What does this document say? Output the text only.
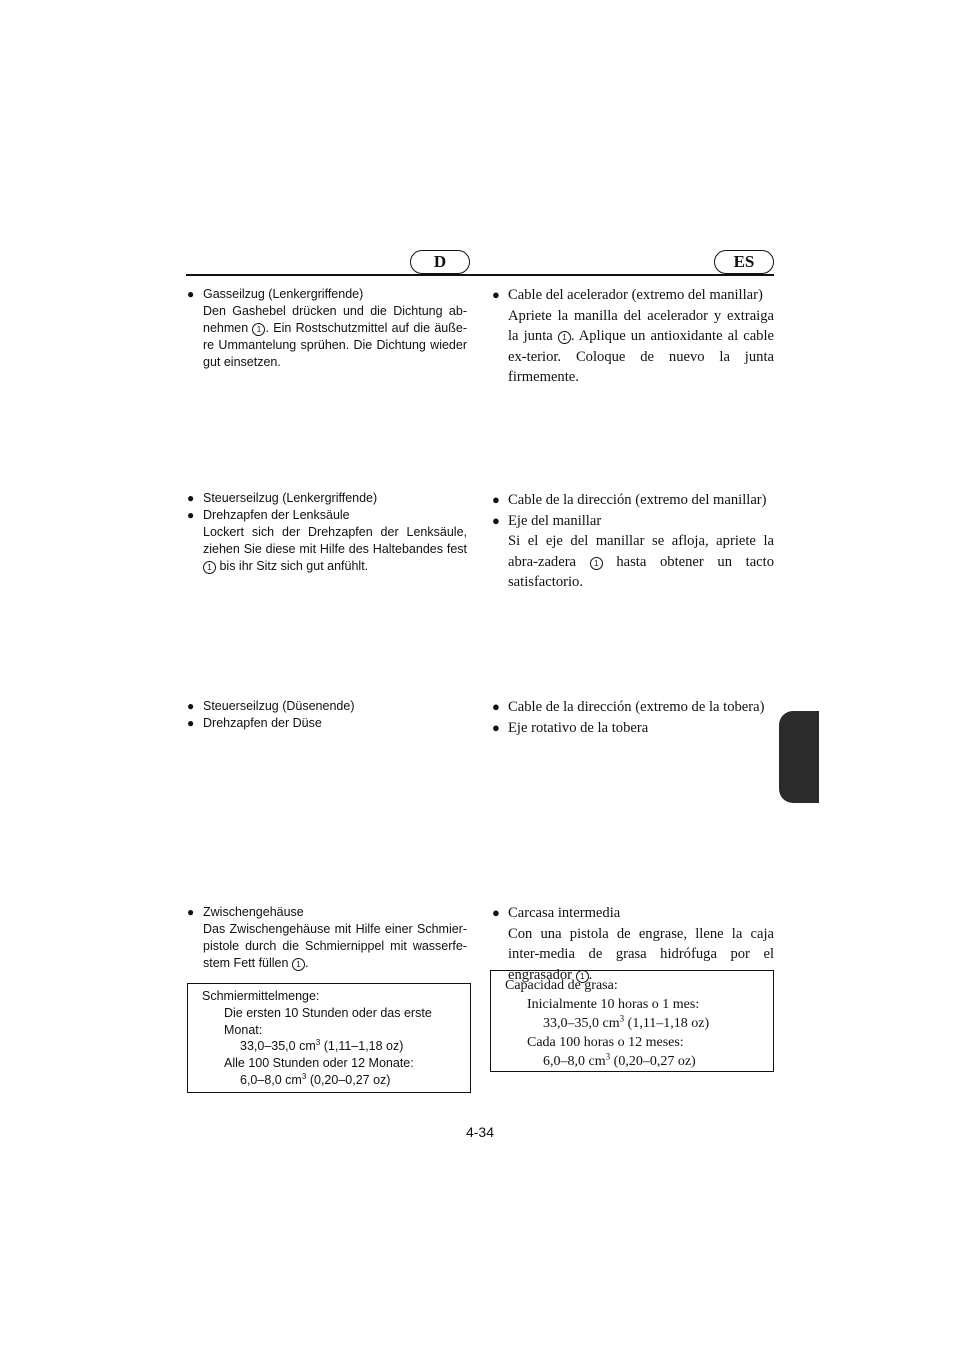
D	ES
● Gasseilzug (Lenkergriffende)
Den Gashebel drücken und die Dichtung ab-nehmen 1 . Ein Rostschutzmittel auf die äuße-re Ummantelung sprühen. Die Dichtung wieder gut einsetzen.
● Cable del acelerador (extremo del manillar)
Apriete la manilla del acelerador y extraiga la junta 1 . Aplique un antioxidante al cable ex-terior. Coloque de nuevo la junta firmemente.
● Steuerseilzug (Lenkergriffende)
● Drehzapfen der Lenksäule
Lockert sich der Drehzapfen der Lenksäule, ziehen Sie diese mit Hilfe des Haltebandes fest 1 bis ihr Sitz sich gut anfühlt.
● Cable de la dirección (extremo del manillar)
● Eje del manillar
Si el eje del manillar se afloja, apriete la abra-zadera 1 hasta obtener un tacto satisfactorio.
● Steuerseilzug (Düsenende)
● Drehzapfen der Düse
● Cable de la dirección (extremo de la tobera)
● Eje rotativo de la tobera
● Zwischengehäuse
Das Zwischengehäuse mit Hilfe einer Schmier-pistole durch die Schmiernippel mit wasserfe-stem Fett füllen 1 .
● Carcasa intermedia
Con una pistola de engrase, llene la caja inter-media de grasa hidrófuga por el engrasador 1 .
Schmiermittelmenge:
Die ersten 10 Stunden oder das erste Monat:
33,0–35,0 $cm^3$ (1,11–1,18 oz)
Alle 100 Stunden oder 12 Monate:
6,0–8,0 $cm^3$ (0,20–0,27 oz)
Capacidad de grasa:
Inicialmente 10 horas o 1 mes:
33,0–35,0 $cm^3$ (1,11–1,18 oz)
Cada 100 horas o 12 meses:
6,0–8,0 $cm^3$ (0,20–0,27 oz)
4-34
